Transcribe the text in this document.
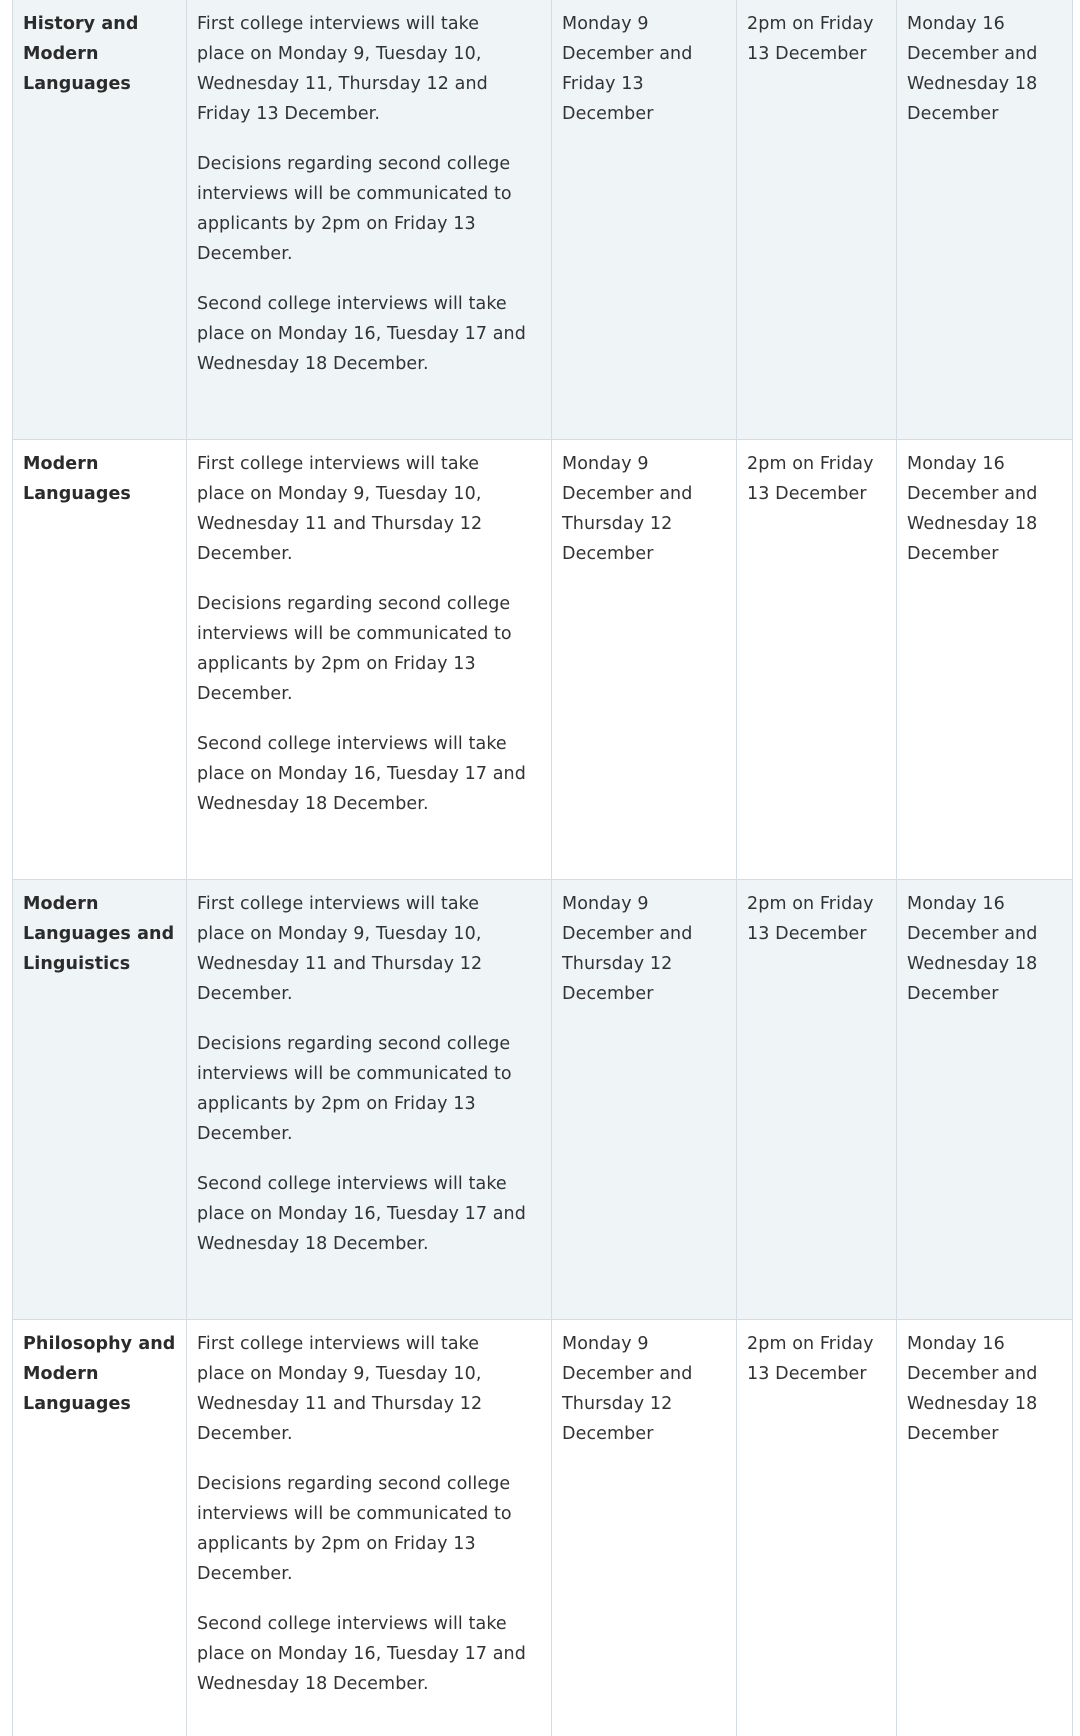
History and Modern Languages	First college interviews will take place on Monday 9, Tuesday 10, Wednesday 11, Thursday 12 and Friday 13 December.

Decisions regarding second college interviews will be communicated to applicants by 2pm on Friday 13 December.

Second college interviews will take place on Monday 16, Tuesday 17 and Wednesday 18 December.	Monday 9 December and Friday 13 December	2pm on Friday 13 December	Monday 16 December and Wednesday 18 December
Modern Languages	First college interviews will take place on Monday 9, Tuesday 10, Wednesday 11 and Thursday 12 December.

Decisions regarding second college interviews will be communicated to applicants by 2pm on Friday 13 December.

Second college interviews will take place on Monday 16, Tuesday 17 and Wednesday 18 December.	Monday 9 December and Thursday 12 December	2pm on Friday 13 December	Monday 16 December and Wednesday 18 December
Modern Languages and Linguistics	First college interviews will take place on Monday 9, Tuesday 10, Wednesday 11 and Thursday 12 December.

Decisions regarding second college interviews will be communicated to applicants by 2pm on Friday 13 December.

Second college interviews will take place on Monday 16, Tuesday 17 and Wednesday 18 December.	Monday 9 December and Thursday 12 December	2pm on Friday 13 December	Monday 16 December and Wednesday 18 December
Philosophy and Modern Languages	First college interviews will take place on Monday 9, Tuesday 10, Wednesday 11 and Thursday 12 December.

Decisions regarding second college interviews will be communicated to applicants by 2pm on Friday 13 December.

Second college interviews will take place on Monday 16, Tuesday 17 and Wednesday 18 December.	Monday 9 December and Thursday 12 December	2pm on Friday 13 December	Monday 16 December and Wednesday 18 December
